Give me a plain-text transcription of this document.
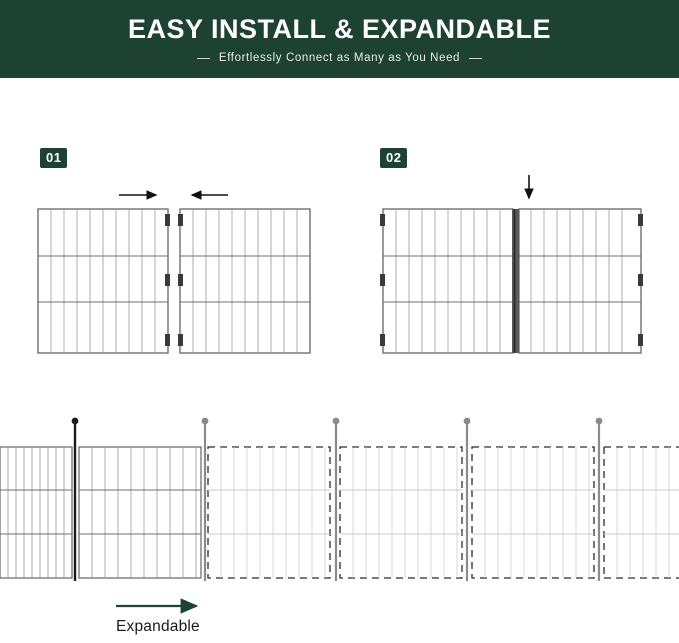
EASY INSTALL & EXPANDABLE
Effortlessly Connect as Many as You Need
01	02
Expandable
